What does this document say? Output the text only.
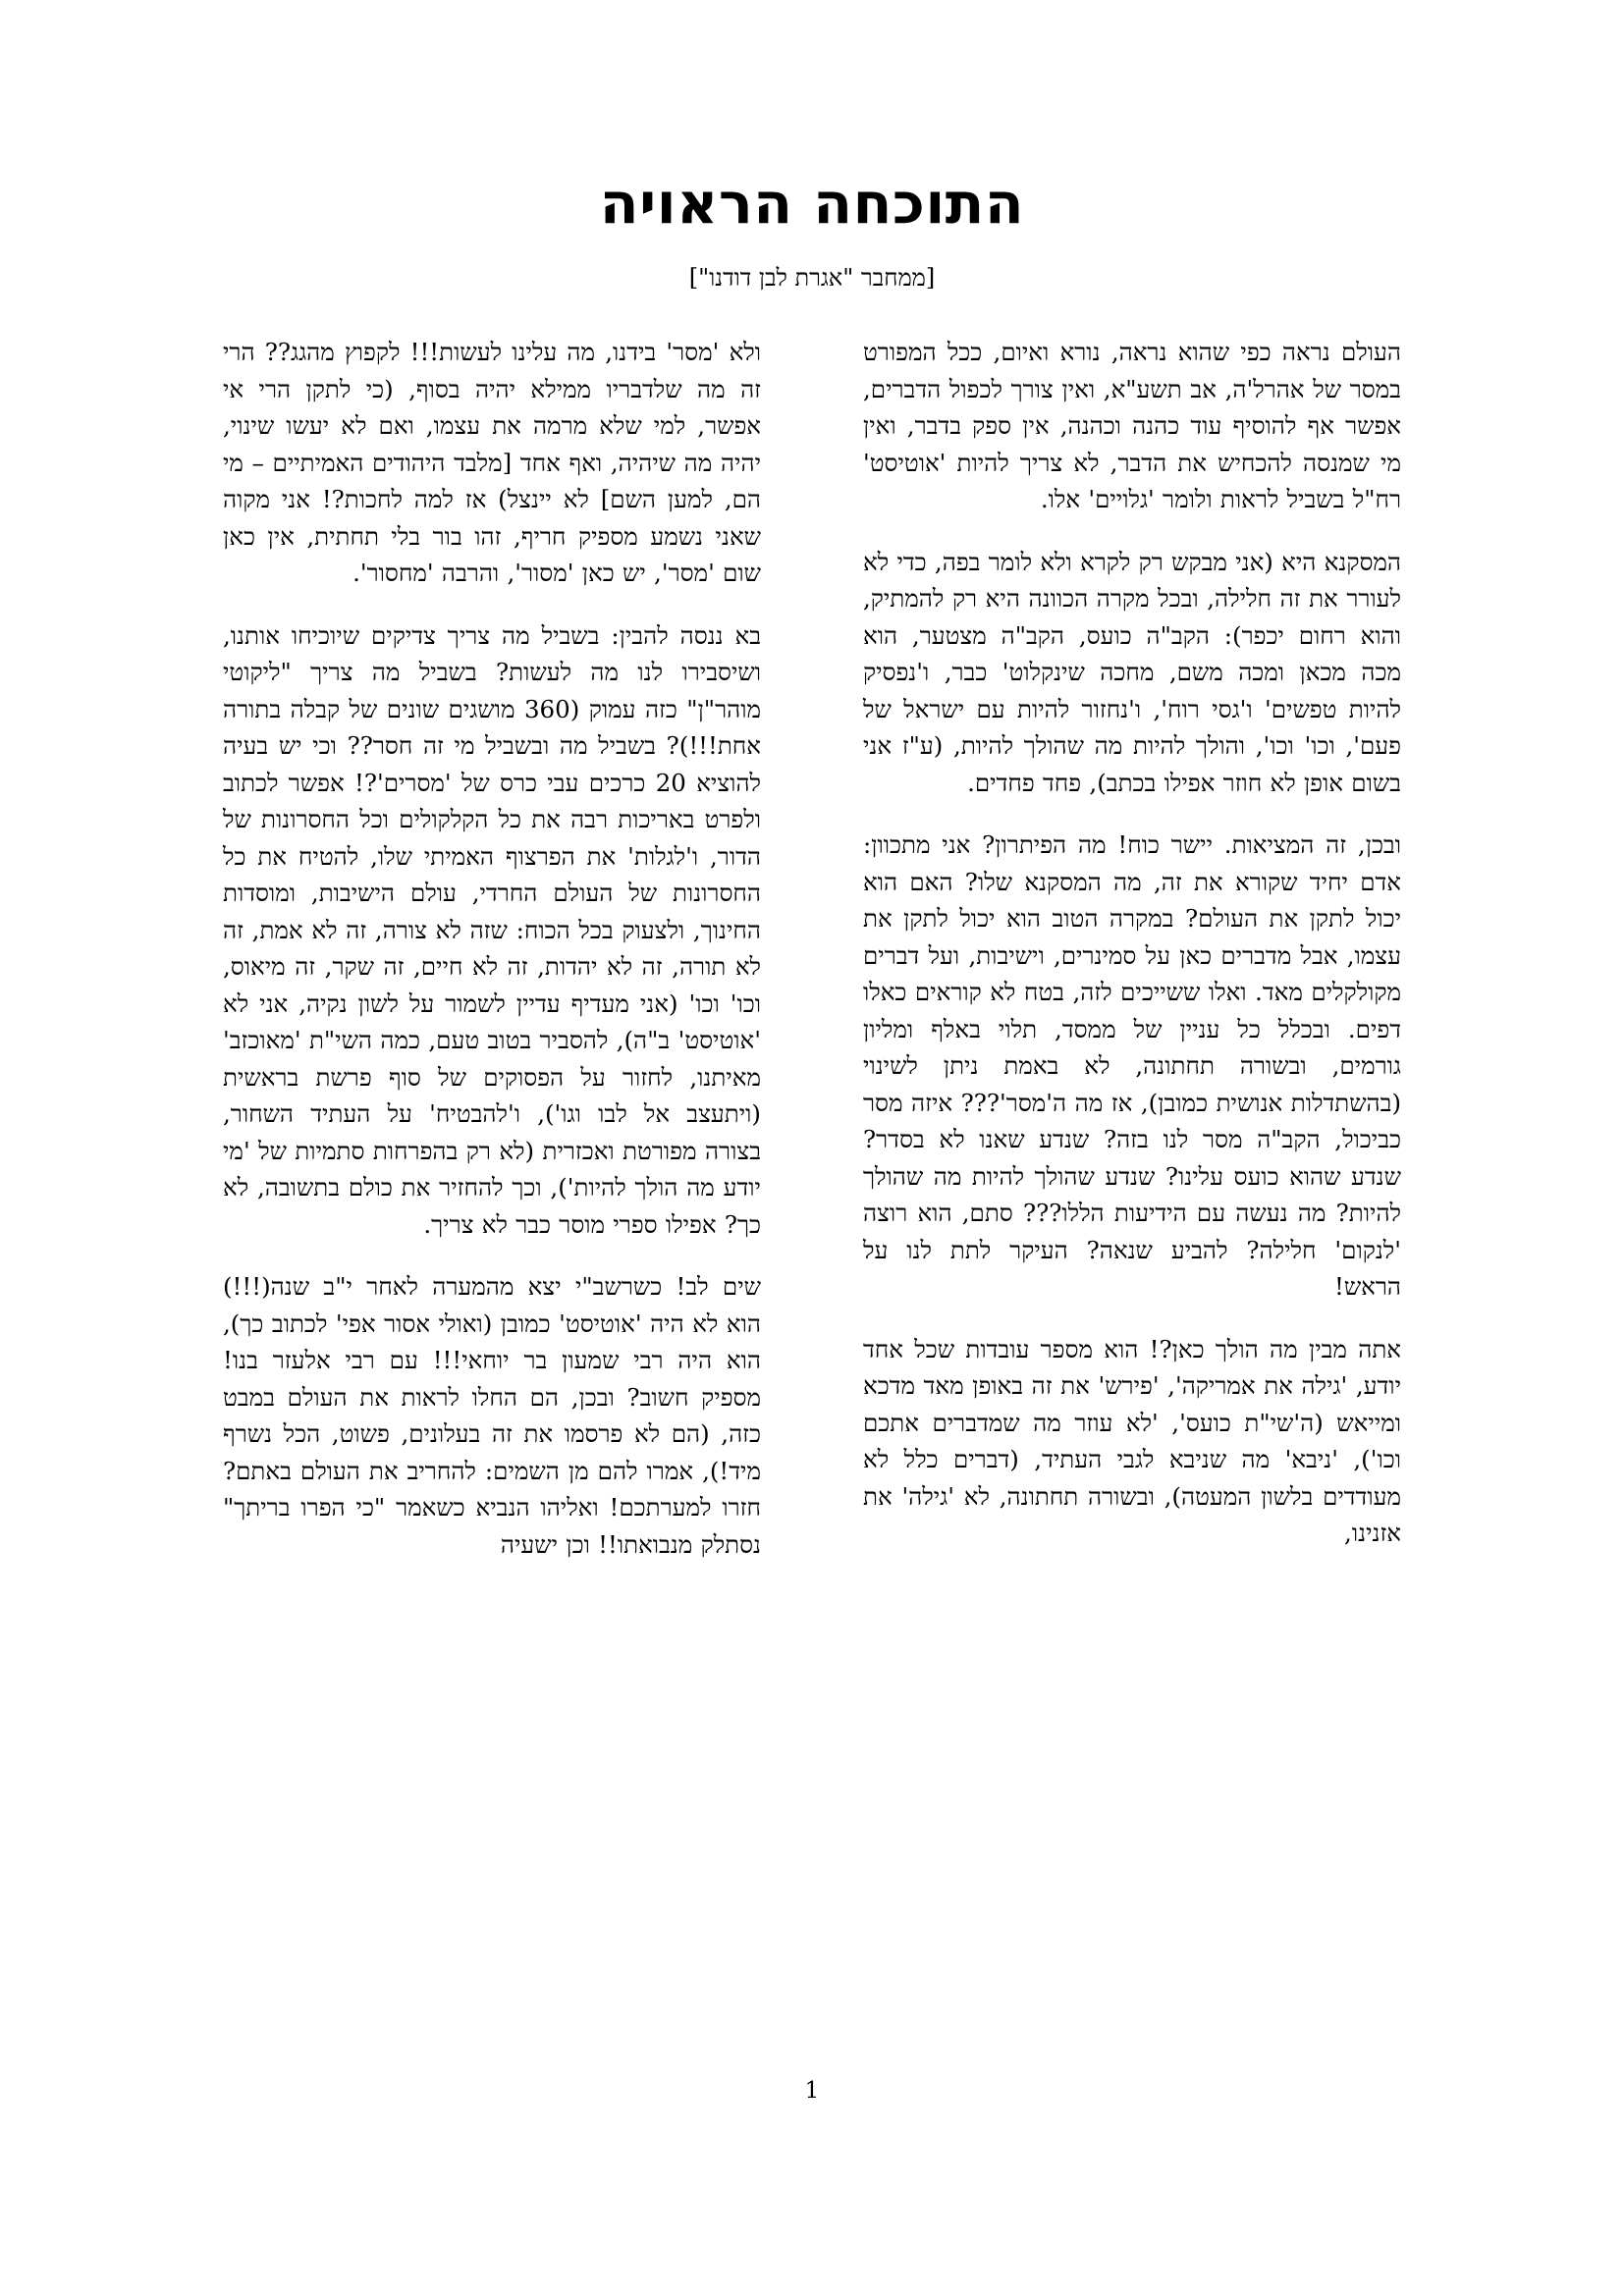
התוכחה הראויה
[ממחבר "אגרת לבן דודנו"]

העולם נראה כפי שהוא נראה, נורא ואיום, ככל המפורט במסר של אהרל'ה, אב תשע"א, ואין צורך לכפול הדברים, אפשר אף להוסיף עוד כהנה וכהנה, אין ספק בדבר, ואין מי שמנסה להכחיש את הדבר, לא צריך להיות 'אוטיסט' רח"ל בשביל לראות ולומר 'גלויים' אלו.

המסקנא היא (אני מבקש רק לקרא ולא לומר בפה, כדי לא לעורר את זה חלילה, ובכל מקרה הכוונה היא רק להמתיק, והוא רחום יכפר): הקב"ה כועס, הקב"ה מצטער, הוא מכה מכאן ומכה משם, מחכה שינקלוט' כבר, ו'נפסיק להיות טפשים' ו'גסי רוח', ו'נחזור להיות עם ישראל של פעם', וכו' וכו', והולך להיות מה שהולך להיות, (ע"ז אני בשום אופן לא חוזר אפילו בכתב), פחד פחדים.

ובכן, זה המציאות. יישר כוח! מה הפיתרון? אני מתכוון: אדם יחיד שקורא את זה, מה המסקנא שלו? האם הוא יכול לתקן את העולם? במקרה הטוב הוא יכול לתקן את עצמו, אבל מדברים כאן על סמינרים, וישיבות, ועל דברים מקולקלים מאד. ואלו ששייכים לזה, בטח לא קוראים כאלו דפים. ובכלל כל עניין של ממסד, תלוי באלף ומליון גורמים, ובשורה תחתונה, לא באמת ניתן לשינוי (בהשתדלות אנושית כמובן), אז מה ה'מסר'??? איזה מסר כביכול, הקב"ה מסר לנו בזה? שנדע שאנו לא בסדר? שנדע שהוא כועס עלינו? שנדע שהולך להיות מה שהולך להיות? מה נעשה עם הידיעות הללו??? סתם, הוא רוצה 'לנקום' חלילה? להביע שנאה? העיקר לתת לנו על הראש!

אתה מבין מה הולך כאן?! הוא מספר עובדות שכל אחד יודע, 'גילה את אמריקה', 'פירש' את זה באופן מאד מדכא ומייאש (ה'שי"ת כועס', 'לא עוזר מה שמדברים אתכם וכו'), 'ניבא' מה שניבא לגבי העתיד, (דברים כלל לא מעודדים בלשון המעטה), ובשורה תחתונה, לא 'גילה' את אזנינו,

ולא 'מסר' בידנו, מה עלינו לעשות!!! לקפוץ מהגג?? הרי זה מה שלדבריו ממילא יהיה בסוף, (כי לתקן הרי אי אפשר, למי שלא מרמה את עצמו, ואם לא יעשו שינוי, יהיה מה שיהיה, ואף אחד [מלבד היהודים האמיתיים – מי הם, למען השם] לא יינצל) אז למה לחכות?! אני מקוה שאני נשמע מספיק חריף, זהו בור בלי תחתית, אין כאן שום 'מסר', יש כאן 'מסור', והרבה 'מחסור'.

בא ננסה להבין: בשביל מה צריך צדיקים שיוכיחו אותנו, ושיסבירו לנו מה לעשות? בשביל מה צריך "ליקוטי מוהר"ן" כזה עמוק (360 מושגים שונים של קבלה בתורה אחת!!!)? בשביל מה ובשביל מי זה חסר?? וכי יש בעיה להוציא 20 כרכים עבי כרס של 'מסרים'?! אפשר לכתוב ולפרט באריכות רבה את כל הקלקולים וכל החסרונות של הדור, ו'לגלות' את הפרצוף האמיתי שלו, להטיח את כל החסרונות של העולם החרדי, עולם הישיבות, ומוסדות החינוך, ולצעוק בכל הכוח: שזה לא צורה, זה לא אמת, זה לא תורה, זה לא יהדות, זה לא חיים, זה שקר, זה מיאוס, וכו' וכו' (אני מעדיף עדיין לשמור על לשון נקיה, אני לא 'אוטיסט' ב"ה), להסביר בטוב טעם, כמה השי"ת 'מאוכזב' מאיתנו, לחזור על הפסוקים של סוף פרשת בראשית (ויתעצב אל לבו וגו'), ו'להבטיח' על העתיד השחור, בצורה מפורטת ואכזרית (לא רק בהפרחות סתמיות של 'מי יודע מה הולך להיות'), וכך להחזיר את כולם בתשובה, לא כך? אפילו ספרי מוסר כבר לא צריך.

שים לב! כשרשב"י יצא מהמערה לאחר י"ב שנה(!!!) הוא לא היה 'אוטיסט' כמובן (ואולי אסור אפי' לכתוב כך), הוא היה רבי שמעון בר יוחאי!!! עם רבי אלעזר בנו! מספיק חשוב? ובכן, הם החלו לראות את העולם במבט כזה, (הם לא פרסמו את זה בעלונים, פשוט, הכל נשרף מיד!), אמרו להם מן השמים: להחריב את העולם באתם? חזרו למערתכם! ואליהו הנביא כשאמר "כי הפרו בריתך" נסתלק מנבואתו!! וכן ישעיה

1
